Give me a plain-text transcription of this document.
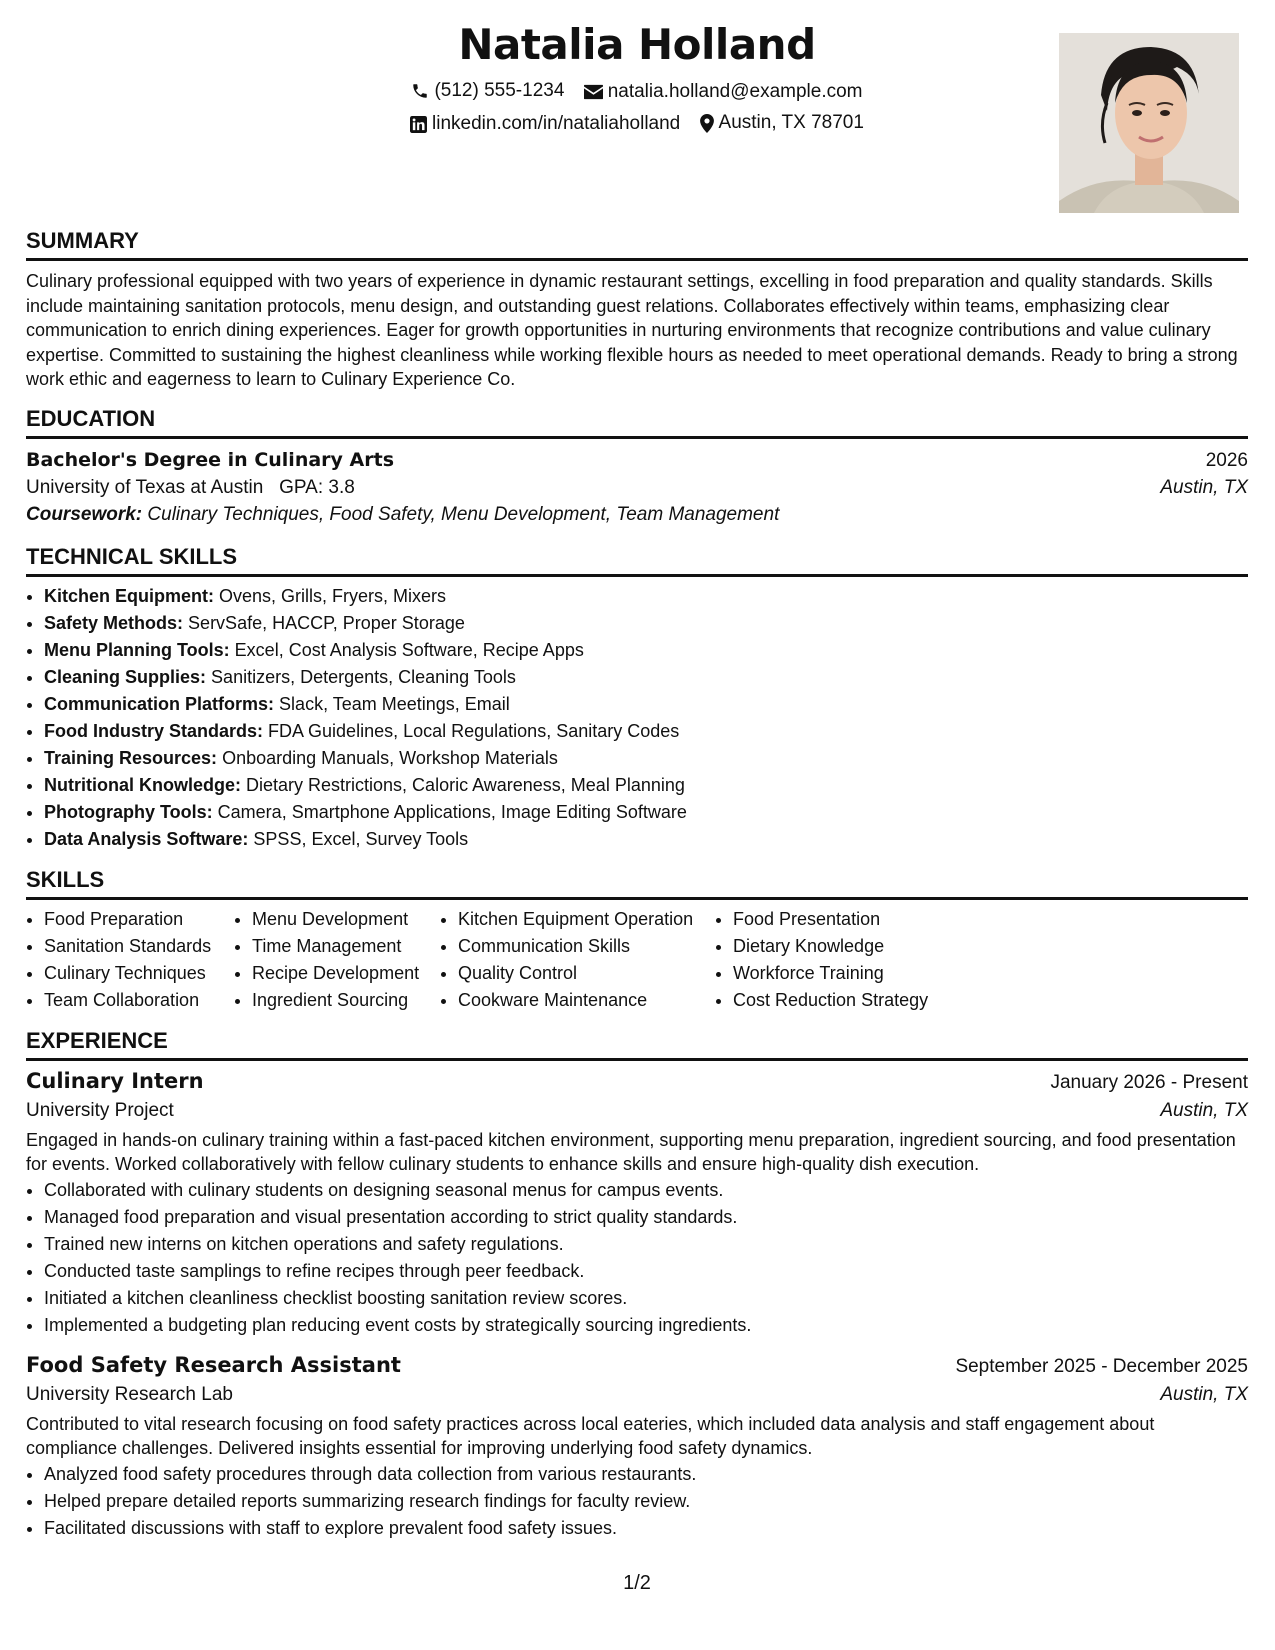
Natalia Holland
(512) 555-1234
natalia.holland@example.com
linkedin.com/in/nataliaholland
Austin, TX 78701
SUMMARY
Culinary professional equipped with two years of experience in dynamic restaurant settings, excelling in food preparation and quality standards. Skills include maintaining sanitation protocols, menu design, and outstanding guest relations. Collaborates effectively within teams, emphasizing clear communication to enrich dining experiences. Eager for growth opportunities in nurturing environments that recognize contributions and value culinary expertise. Committed to sustaining the highest cleanliness while working flexible hours as needed to meet operational demands. Ready to bring a strong work ethic and eagerness to learn to Culinary Experience Co.
EDUCATION
Bachelor's Degree in Culinary Arts	2026
University of Texas at Austin GPA: 3.8	Austin, TX
Coursework: Culinary Techniques, Food Safety, Menu Development, Team Management
TECHNICAL SKILLS
• Kitchen Equipment: Ovens, Grills, Fryers, Mixers
• Safety Methods: ServSafe, HACCP, Proper Storage
• Menu Planning Tools: Excel, Cost Analysis Software, Recipe Apps
• Cleaning Supplies: Sanitizers, Detergents, Cleaning Tools
• Communication Platforms: Slack, Team Meetings, Email
• Food Industry Standards: FDA Guidelines, Local Regulations, Sanitary Codes
• Training Resources: Onboarding Manuals, Workshop Materials
• Nutritional Knowledge: Dietary Restrictions, Caloric Awareness, Meal Planning
• Photography Tools: Camera, Smartphone Applications, Image Editing Software
• Data Analysis Software: SPSS, Excel, Survey Tools
SKILLS
• Food Preparation
• Sanitation Standards
• Culinary Techniques
• Team Collaboration
• Menu Development
• Time Management
• Recipe Development
• Ingredient Sourcing
• Kitchen Equipment Operation
• Communication Skills
• Quality Control
• Cookware Maintenance
• Food Presentation
• Dietary Knowledge
• Workforce Training
• Cost Reduction Strategy
EXPERIENCE
Culinary Intern	January 2026 - Present
University Project	Austin, TX
Engaged in hands-on culinary training within a fast-paced kitchen environment, supporting menu preparation, ingredient sourcing, and food presentation for events. Worked collaboratively with fellow culinary students to enhance skills and ensure high-quality dish execution.
• Collaborated with culinary students on designing seasonal menus for campus events.
• Managed food preparation and visual presentation according to strict quality standards.
• Trained new interns on kitchen operations and safety regulations.
• Conducted taste samplings to refine recipes through peer feedback.
• Initiated a kitchen cleanliness checklist boosting sanitation review scores.
• Implemented a budgeting plan reducing event costs by strategically sourcing ingredients.
Food Safety Research Assistant	September 2025 - December 2025
University Research Lab	Austin, TX
Contributed to vital research focusing on food safety practices across local eateries, which included data analysis and staff engagement about compliance challenges. Delivered insights essential for improving underlying food safety dynamics.
• Analyzed food safety procedures through data collection from various restaurants.
• Helped prepare detailed reports summarizing research findings for faculty review.
• Facilitated discussions with staff to explore prevalent food safety issues.
1/2
